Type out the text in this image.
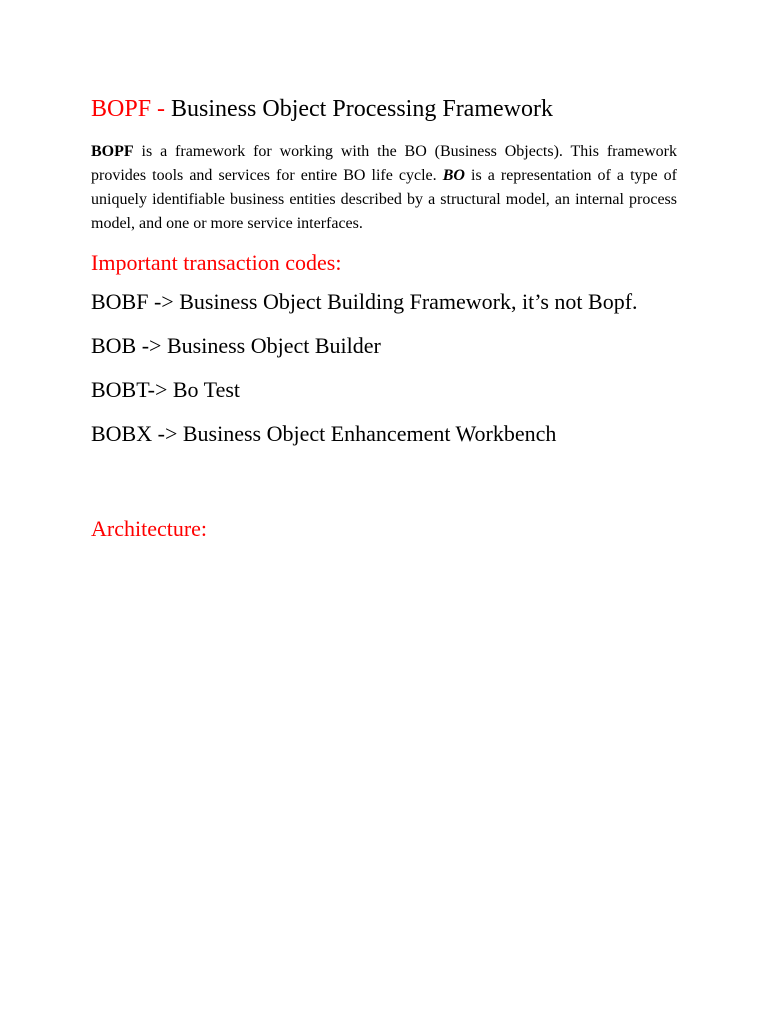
BOPF - Business Object Processing Framework

BOPF is a framework for working with the BO (Business Objects). This framework provides tools and services for entire BO life cycle. BO is a representation of a type of uniquely identifiable business entities described by a structural model, an internal process model, and one or more service interfaces.

Important transaction codes:
BOBF -> Business Object Building Framework, it’s not Bopf.
BOB -> Business Object Builder
BOBT-> Bo Test
BOBX -> Business Object Enhancement Workbench
Architecture:
